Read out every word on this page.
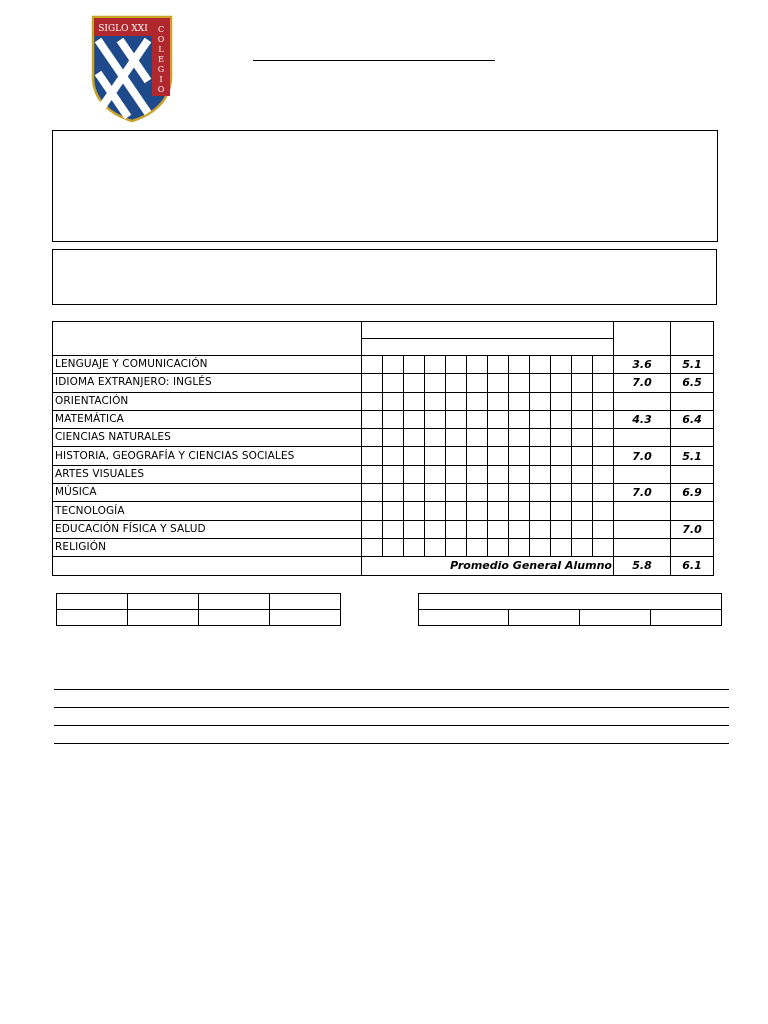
SIGLO XXI C
O
L
E
G
I
O

LENGUAJE Y COMUNICACIÓN													3.6	5.1
IDIOMA EXTRANJERO: INGLÉS													7.0	6.5
ORIENTACIÓN														
MATEMÁTICA													4.3	6.4
CIENCIAS NATURALES														
HISTORIA, GEOGRAFÍA Y CIENCIAS SOCIALES													7.0	5.1
ARTES VISUALES														
MÚSICA													7.0	6.9
TECNOLOGÍA														
EDUCACIÓN FÍSICA Y SALUD														7.0
RELIGIÓN														
	Promedio General Alumno												5.8	6.1
